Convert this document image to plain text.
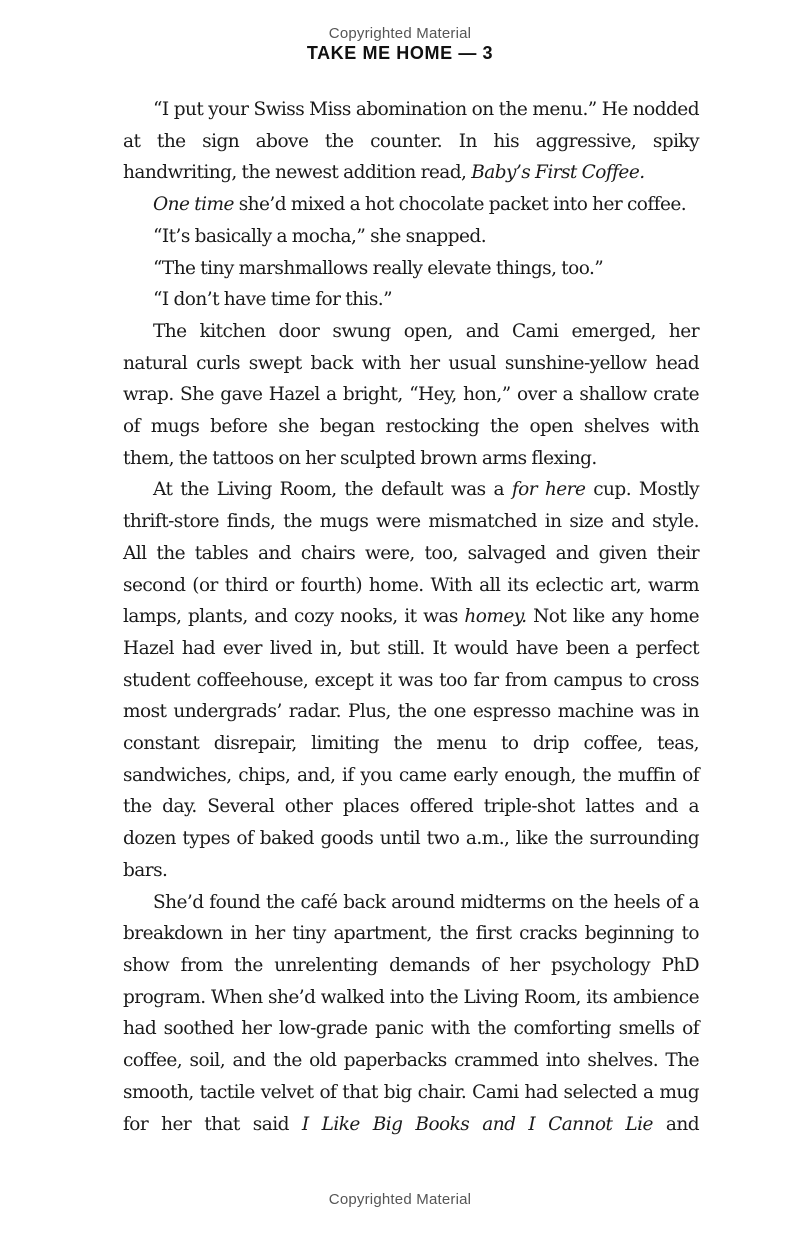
Copyrighted Material
TAKE ME HOME — 3

“I put your Swiss Miss abomination on the menu.” He nodded at the sign above the counter. In his aggressive, spiky handwriting, the newest addition read, Baby’s First Coffee.

One time she’d mixed a hot chocolate packet into her coffee.

“It’s basically a mocha,” she snapped.

“The tiny marshmallows really elevate things, too.”

“I don’t have time for this.”

The kitchen door swung open, and Cami emerged, her natural curls swept back with her usual sunshine-yellow head wrap. She gave Hazel a bright, “Hey, hon,” over a shallow crate of mugs before she began restocking the open shelves with them, the tattoos on her sculpted brown arms flexing.

At the Living Room, the default was a for here cup. Mostly thrift-store finds, the mugs were mismatched in size and style. All the tables and chairs were, too, salvaged and given their second (or third or fourth) home. With all its eclectic art, warm lamps, plants, and cozy nooks, it was homey. Not like any home Hazel had ever lived in, but still. It would have been a perfect student coffeehouse, except it was too far from campus to cross most undergrads’ radar. Plus, the one espresso machine was in constant disrepair, limiting the menu to drip coffee, teas, sandwiches, chips, and, if you came early enough, the muffin of the day. Several other places offered triple-shot lattes and a dozen types of baked goods until two a.m., like the surrounding bars.

She’d found the café back around midterms on the heels of a breakdown in her tiny apartment, the first cracks beginning to show from the unrelenting demands of her psychology PhD program. When she’d walked into the Living Room, its ambience had soothed her low-grade panic with the comforting smells of coffee, soil, and the old paperbacks crammed into shelves. The smooth, tactile velvet of that big chair. Cami had selected a mug for her that said I Like Big Books and I Cannot Lie and

Copyrighted Material
